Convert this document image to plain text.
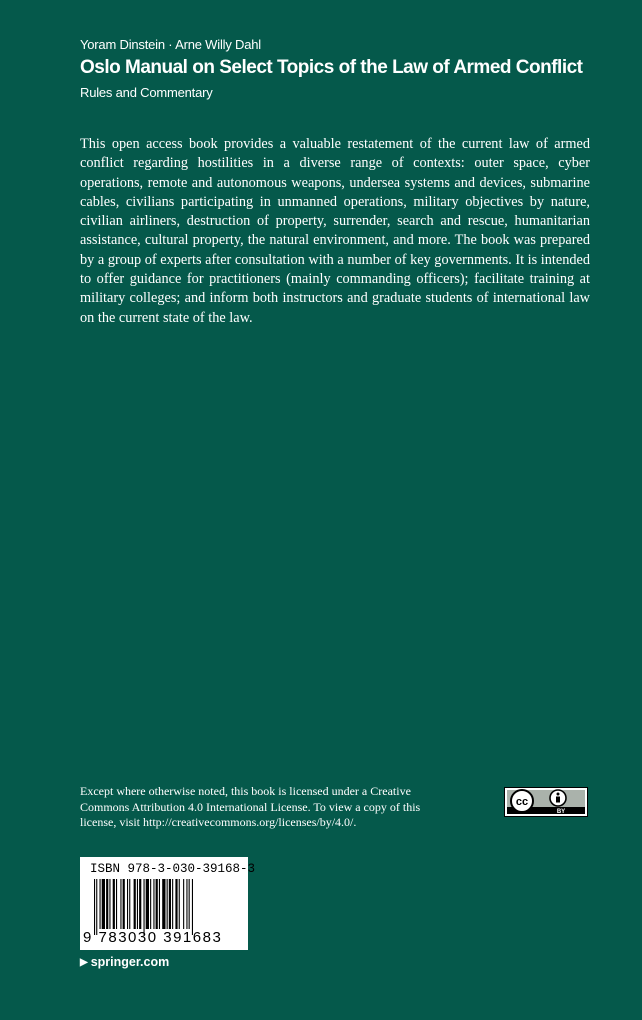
Yoram Dinstein · Arne Willy Dahl
Oslo Manual on Select Topics of the Law of Armed Conflict
Rules and Commentary

This open access book provides a valuable restatement of the current law of armed conflict regarding hostilities in a diverse range of contexts: outer space, cyber operations, remote and autonomous weapons, undersea systems and devices, submarine cables, civilians participating in unmanned operations, military objectives by nature, civilian airliners, destruction of property, surrender, search and rescue, humanitarian assistance, cultural property, the natural environment, and more. The book was prepared by a group of experts after consultation with a number of key governments. It is intended to offer guidance for practitioners (mainly commanding officers); facilitate training at military colleges; and inform both instructors and graduate students of international law on the current state of the law.

Except where otherwise noted, this book is licensed under a Creative Commons Attribution 4.0 International License. To view a copy of this license, visit http://creativecommons.org/licenses/by/4.0/.

cc
BY
ISBN 978-3-030-39168-3
9 783030 391683
▶ springer.com
